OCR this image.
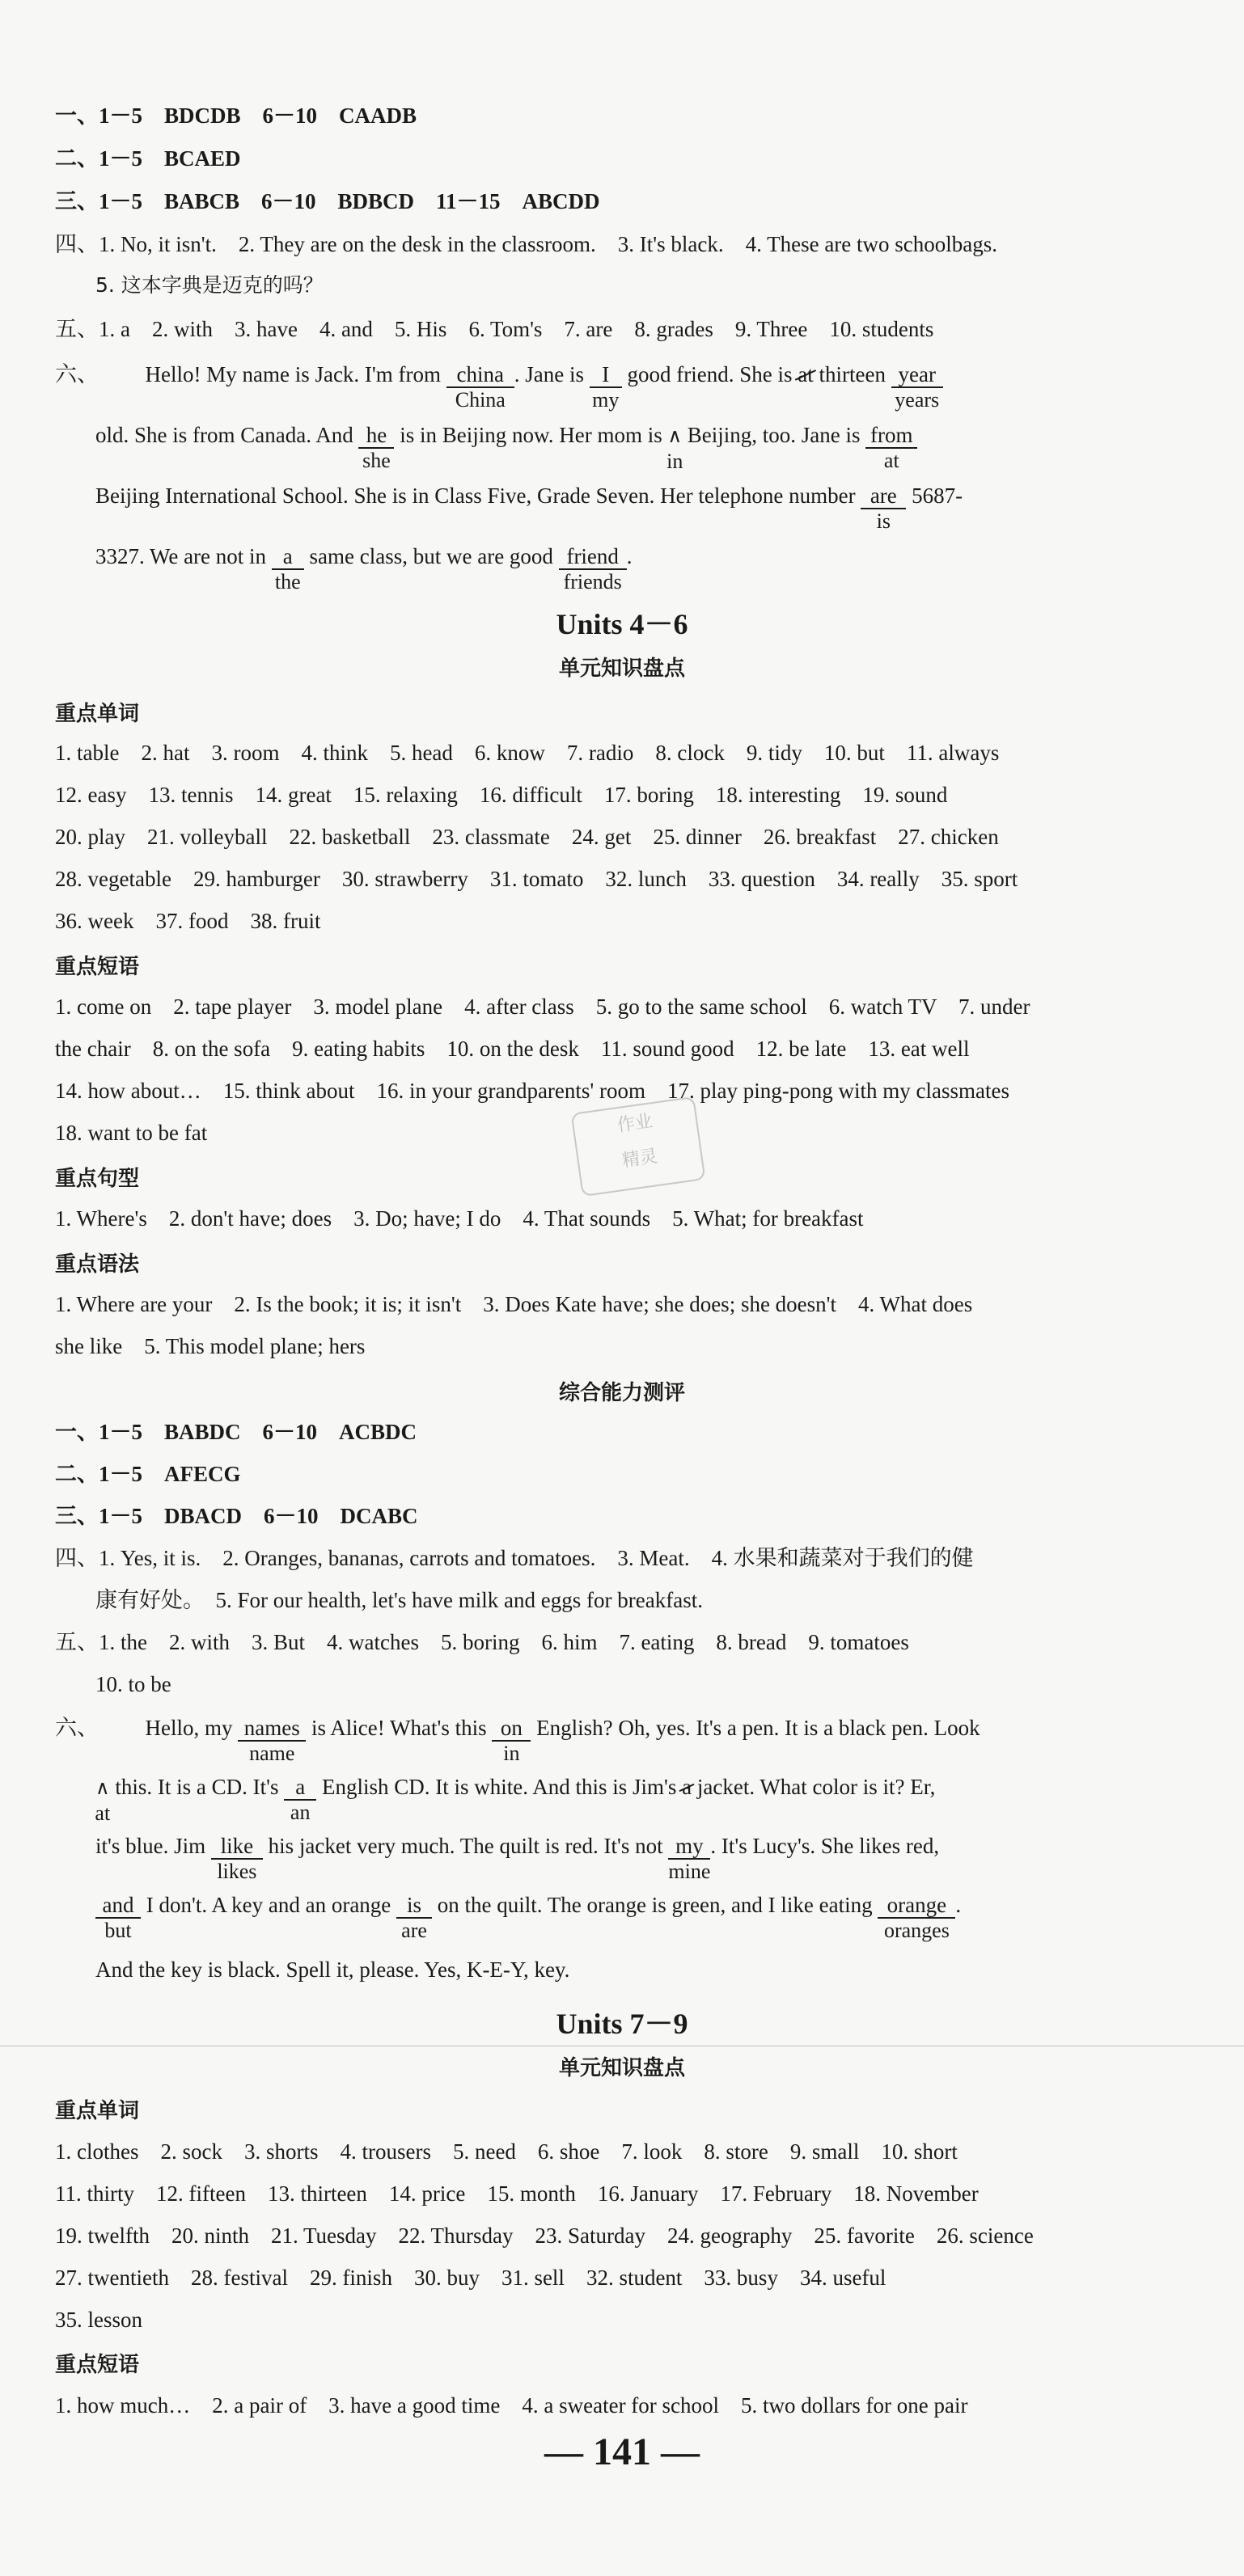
一、1－5　BDCDB　6－10　CAADB
二、1－5　BCAED
三、1－5　BABCB　6－10　BDBCD　11－15　ABCDD
四、1. No, it isn't.　2. They are on the desk in the classroom.　3. It's black.　4. These are two schoolbags.
5. 这本字典是迈克的吗？
五、1. a　2. with　3. have　4. and　5. His　6. Tom's　7. are　8. grades　9. Three　10. students
六、 Hello! My name is Jack. I'm from china
China
. Jane is I
my
good friend. She is at thirteen year
years
old. She is from Canada. And he
she
is in Beijing now. Her mom is ∧
in
Beijing, too. Jane is from
at
Beijing International School. She is in Class Five, Grade Seven. Her telephone number are
is
5687-
3327. We are not in a
the
same class, but we are good friend
friends
.
Units 4－6
单元知识盘点
重点单词
1. table　2. hat　3. room　4. think　5. head　6. know　7. radio　8. clock　9. tidy　10. but　11. always
12. easy　13. tennis　14. great　15. relaxing　16. difficult　17. boring　18. interesting　19. sound
20. play　21. volleyball　22. basketball　23. classmate　24. get　25. dinner　26. breakfast　27. chicken
28. vegetable　29. hamburger　30. strawberry　31. tomato　32. lunch　33. question　34. really　35. sport
36. week　37. food　38. fruit
重点短语
1. come on　2. tape player　3. model plane　4. after class　5. go to the same school　6. watch TV　7. under
the chair　8. on the sofa　9. eating habits　10. on the desk　11. sound good　12. be late　13. eat well
14. how about…　15. think about　16. in your grandparents' room　17. play ping-pong with my classmates
18. want to be fat	作业
精灵
重点句型
1. Where's　2. don't have; does　3. Do; have; I do　4. That sounds　5. What; for breakfast
重点语法
1. Where are your　2. Is the book; it is; it isn't　3. Does Kate have; she does; she doesn't　4. What does
she like　5. This model plane; hers
综合能力测评
一、1－5　BABDC　6－10　ACBDC
二、1－5　AFECG
三、1－5　DBACD　6－10　DCABC
四、1. Yes, it is.　2. Oranges, bananas, carrots and tomatoes.　3. Meat.　4. 水果和蔬菜对于我们的健
康有好处。　5. For our health, let's have milk and eggs for breakfast.
五、1. the　2. with　3. But　4. watches　5. boring　6. him　7. eating　8. bread　9. tomatoes
10. to be
六、 Hello, my names
name
is Alice! What's this on
in
English? Oh, yes. It's a pen. It is a black pen. Look
∧
at
this. It is a CD. It's a
an
English CD. It is white. And this is Jim's a jacket. What color is it? Er,
it's blue. Jim like
likes
his jacket very much. The quilt is red. It's not my
mine
. It's Lucy's. She likes red,
and
but
I don't. A key and an orange is
are
on the quilt. The orange is green, and I like eating orange
oranges
.
And the key is black. Spell it, please. Yes, K-E-Y, key.
Units 7－9
单元知识盘点
重点单词
1. clothes　2. sock　3. shorts　4. trousers　5. need　6. shoe　7. look　8. store　9. small　10. short
11. thirty　12. fifteen　13. thirteen　14. price　15. month　16. January　17. February　18. November
19. twelfth　20. ninth　21. Tuesday　22. Thursday　23. Saturday　24. geography　25. favorite　26. science
27. twentieth　28. festival　29. finish　30. buy　31. sell　32. student　33. busy　34. useful
35. lesson
重点短语
1. how much…　2. a pair of　3. have a good time　4. a sweater for school　5. two dollars for one pair
— 141 —
